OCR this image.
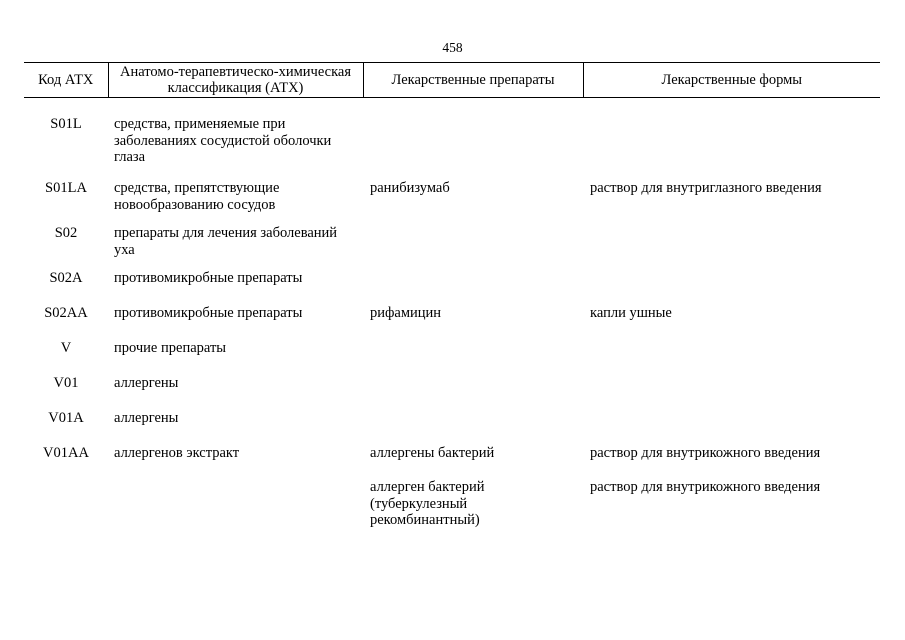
458
Код АТХ	Анатомо-терапевтическо-химическая классификация (АТХ)	Лекарственные препараты	Лекарственные формы
S01L	средства, применяемые при заболеваниях сосудистой оболочки глаза		
S01LA	средства, препятствующие новообразованию сосудов	ранибизумаб	раствор для внутриглазного введения
S02	препараты для лечения заболеваний уха		
S02A	противомикробные препараты		
S02AA	противомикробные препараты	рифамицин	капли ушные
V	прочие препараты		
V01	аллергены		
V01A	аллергены		
V01AA	аллергенов экстракт	аллергены бактерий	раствор для внутрикожного введения
		аллерген бактерий (туберкулезный рекомбинантный)	раствор для внутрикожного введения
